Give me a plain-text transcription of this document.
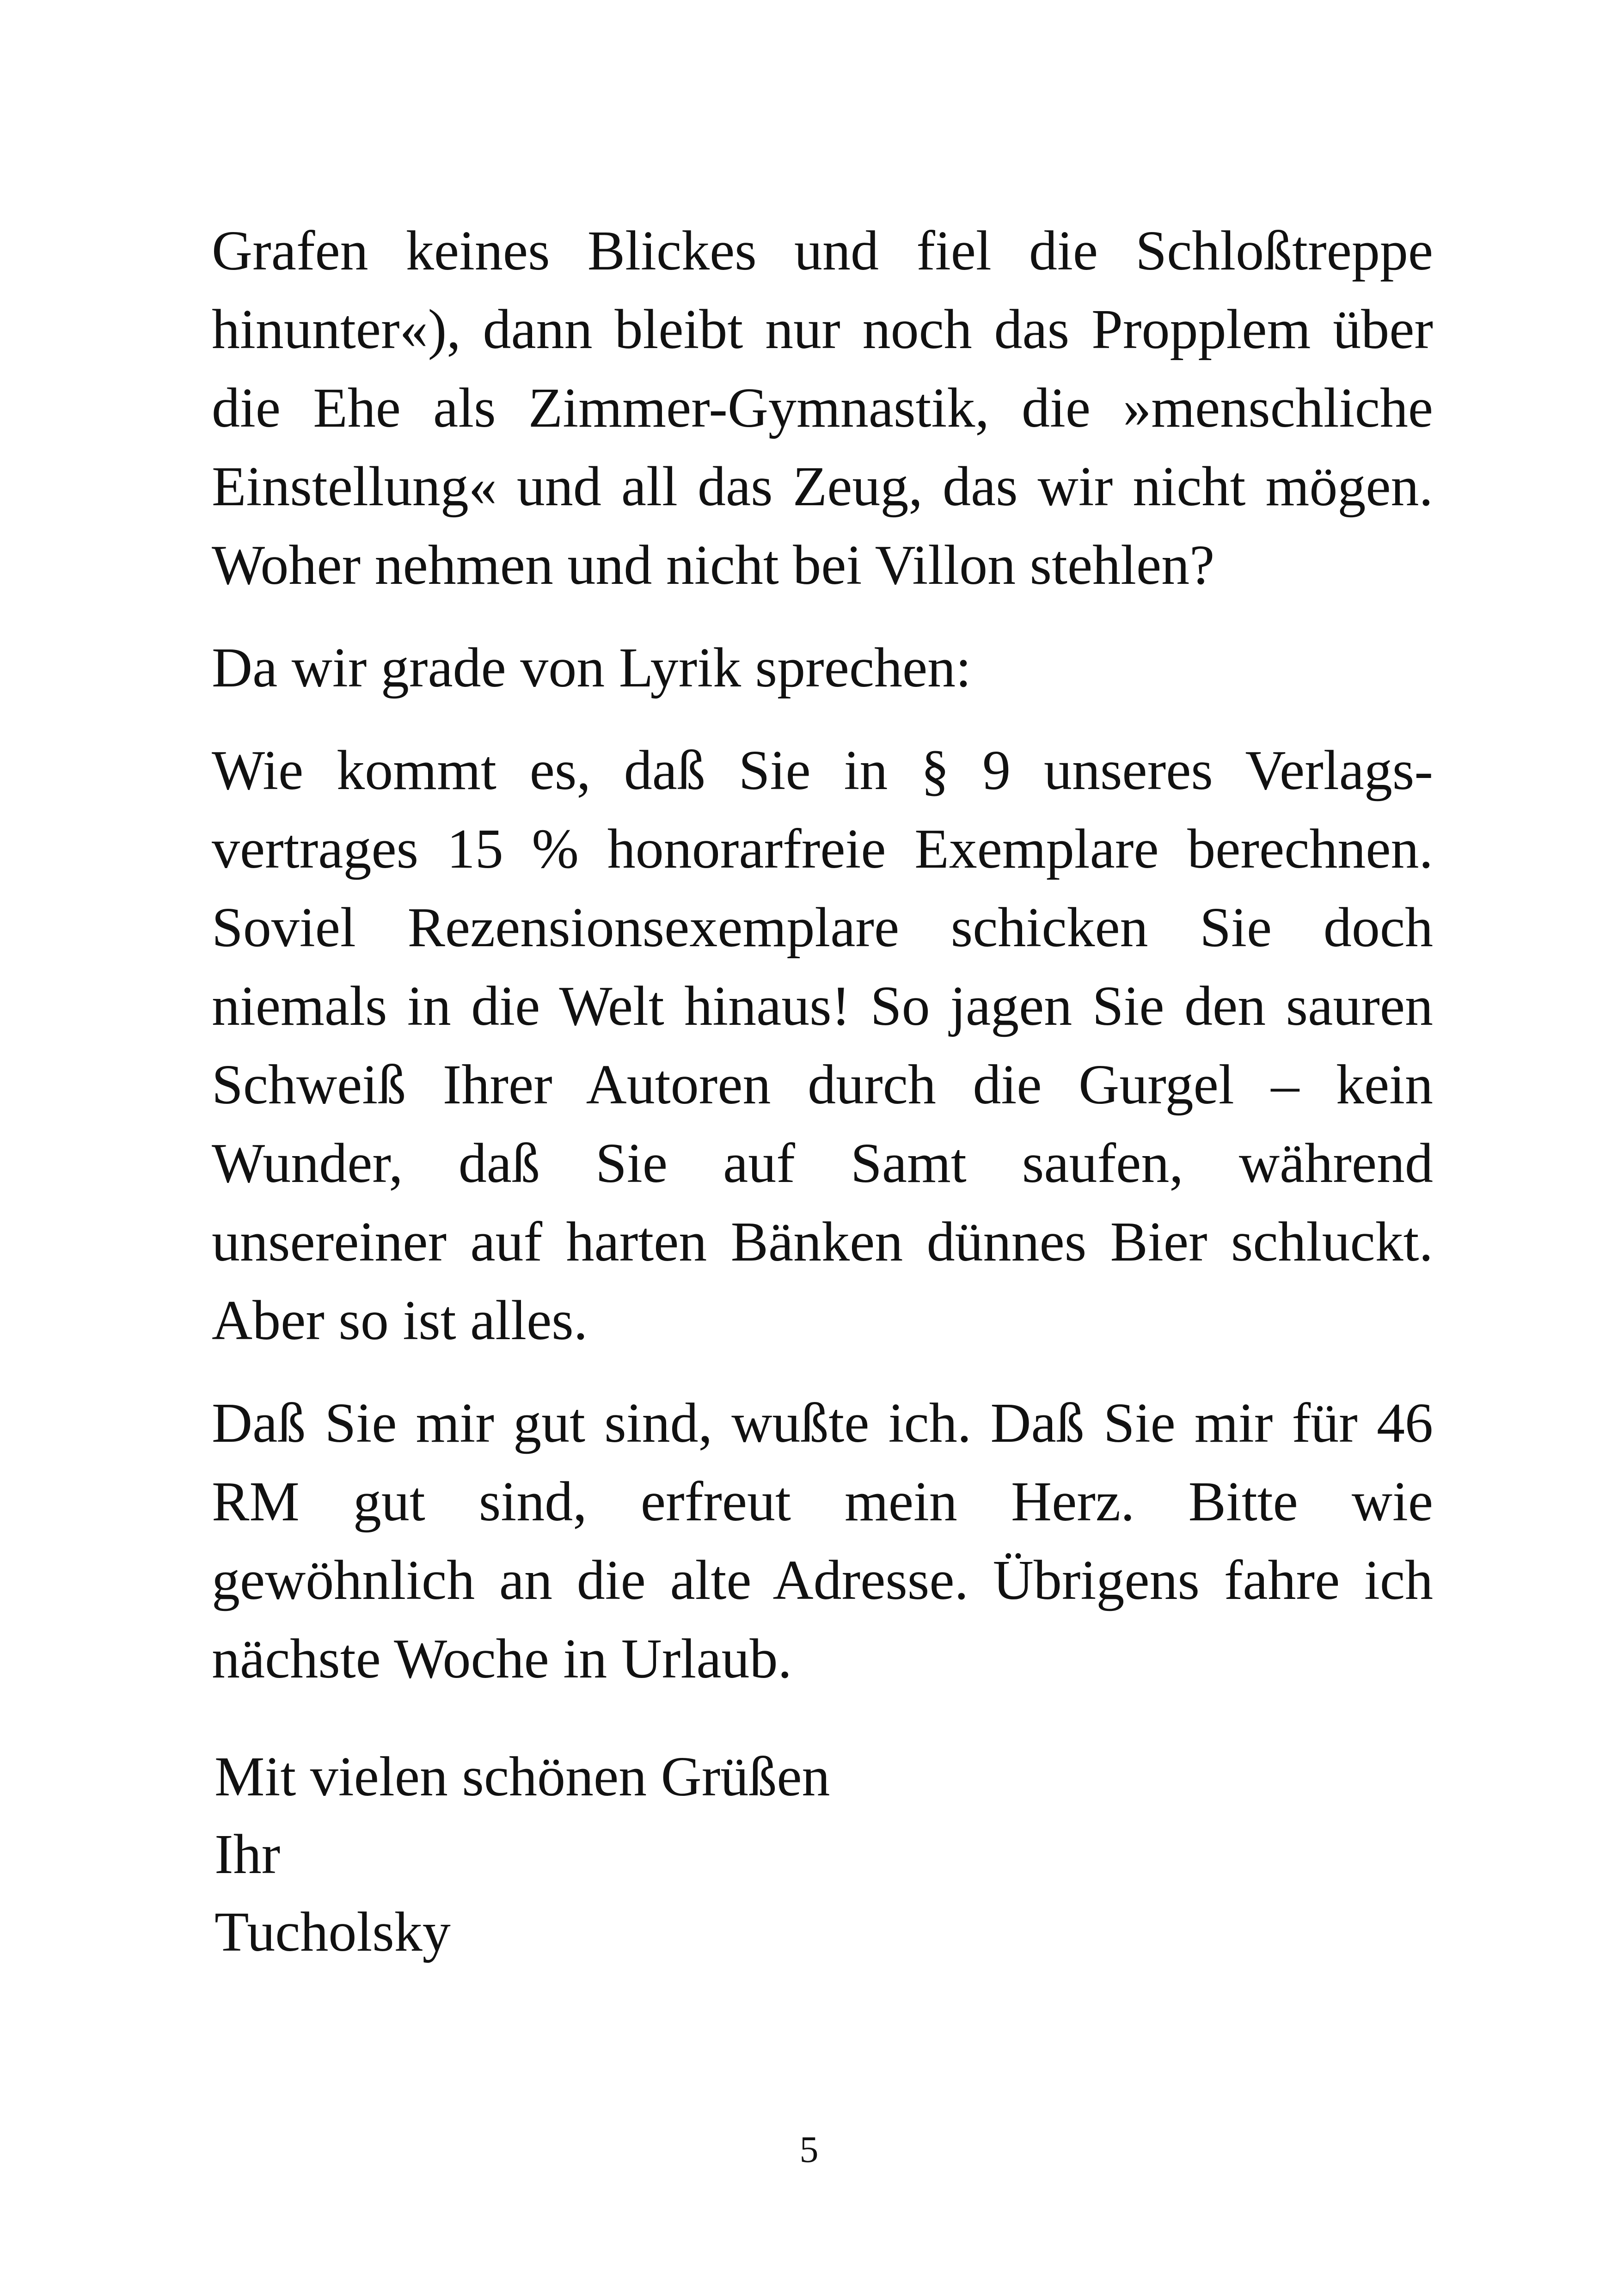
Grafen keines Blickes und fiel die Schloßtreppe hinunter«), dann bleibt nur noch das Propplem über die Ehe als Zimmer-Gymnastik, die »menschliche Einstellung« und all das Zeug, das wir nicht mögen. Woher nehmen und nicht bei Villon stehlen?

Da wir grade von Lyrik sprechen:

Wie kommt es, daß Sie in § 9 unseres Verlagsvertrages 15 % honorarfreie Exemplare berechnen. Soviel Rezensionsexemplare schicken Sie doch niemals in die Welt hinaus! So jagen Sie den sauren Schweiß Ihrer Autoren durch die Gurgel – kein Wunder, daß Sie auf Samt saufen, während unsereiner auf harten Bänken dünnes Bier schluckt. Aber so ist alles.

Daß Sie mir gut sind, wußte ich. Daß Sie mir für 46 RM gut sind, erfreut mein Herz. Bitte wie gewöhnlich an die alte Adresse. Übrigens fahre ich nächste Woche in Urlaub.

Mit vielen schönen Grüßen
Ihr
Tucholsky
5
